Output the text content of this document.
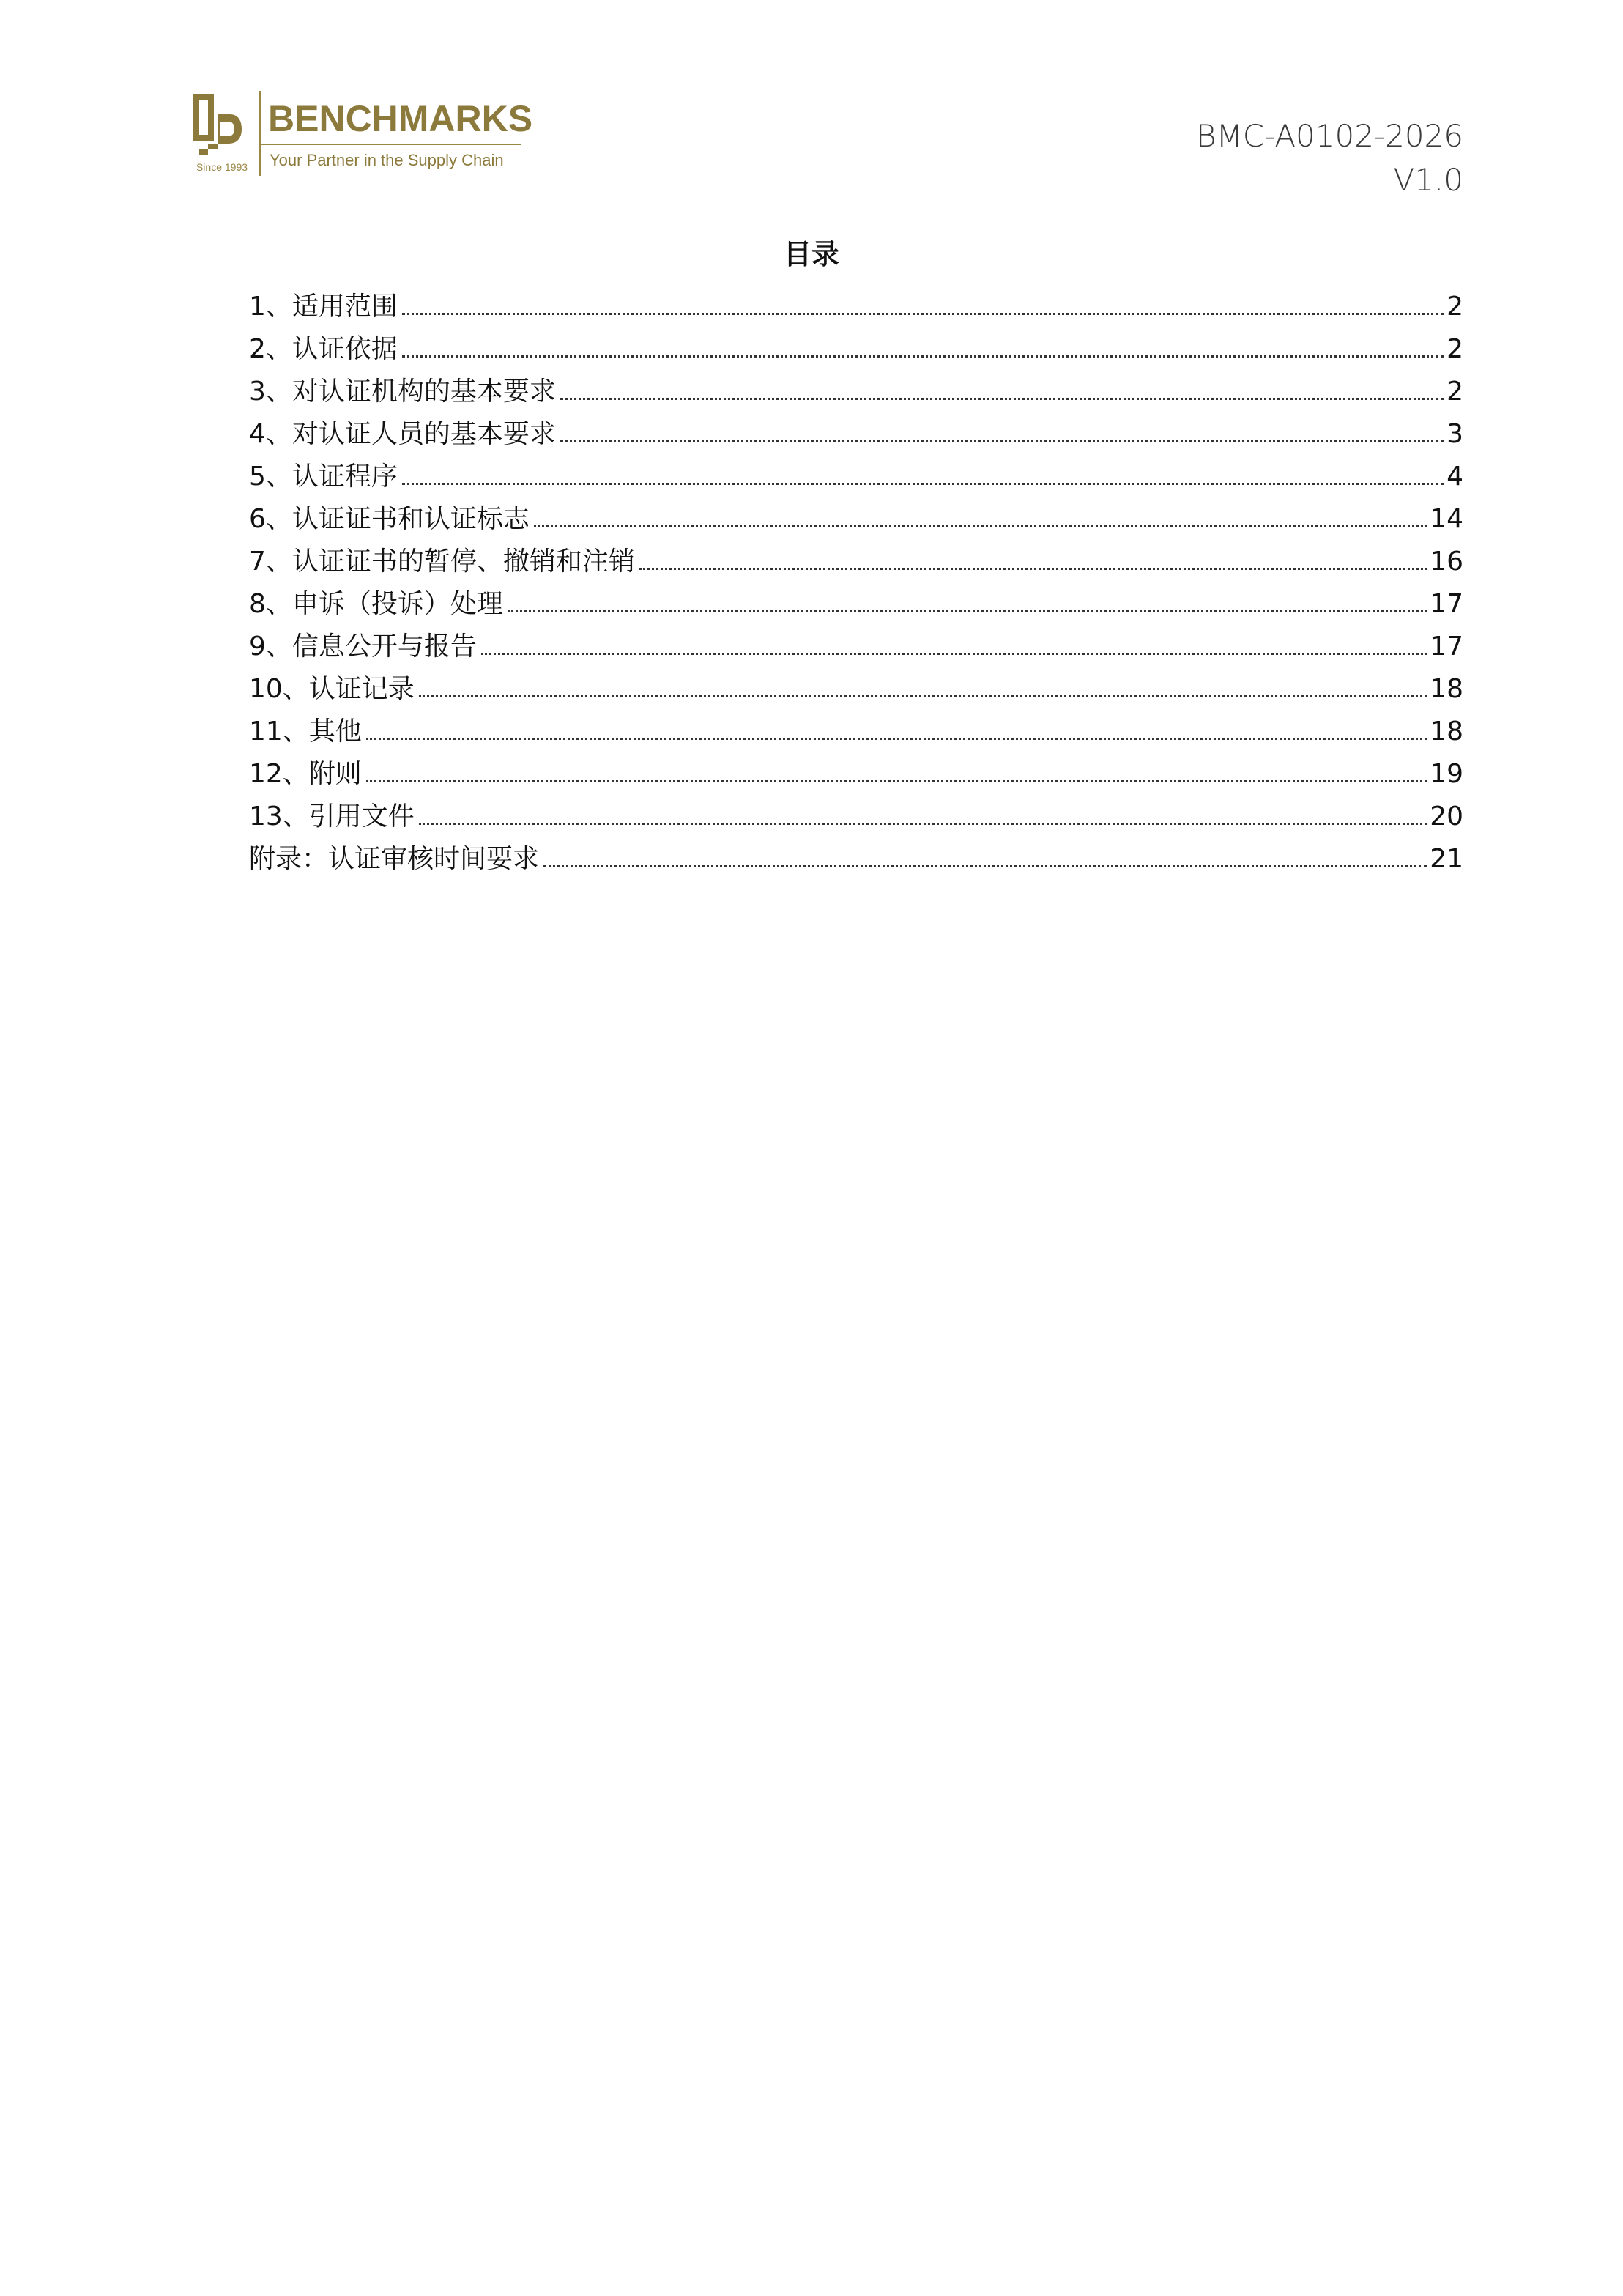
Since 1993
BENCHMARKS
Your Partner in the Supply Chain
BMC-A0102-2026
V1.0
目录
1、适用范围	2
2、认证依据	2
3、对认证机构的基本要求	2
4、对认证人员的基本要求	3
5、认证程序	4
6、认证证书和认证标志	14
7、认证证书的暂停、撤销和注销	16
8、申诉（投诉）处理	17
9、信息公开与报告	17
10、认证记录	18
11、其他	18
12、附则	19
13、引用文件	20
附录：认证审核时间要求	21
